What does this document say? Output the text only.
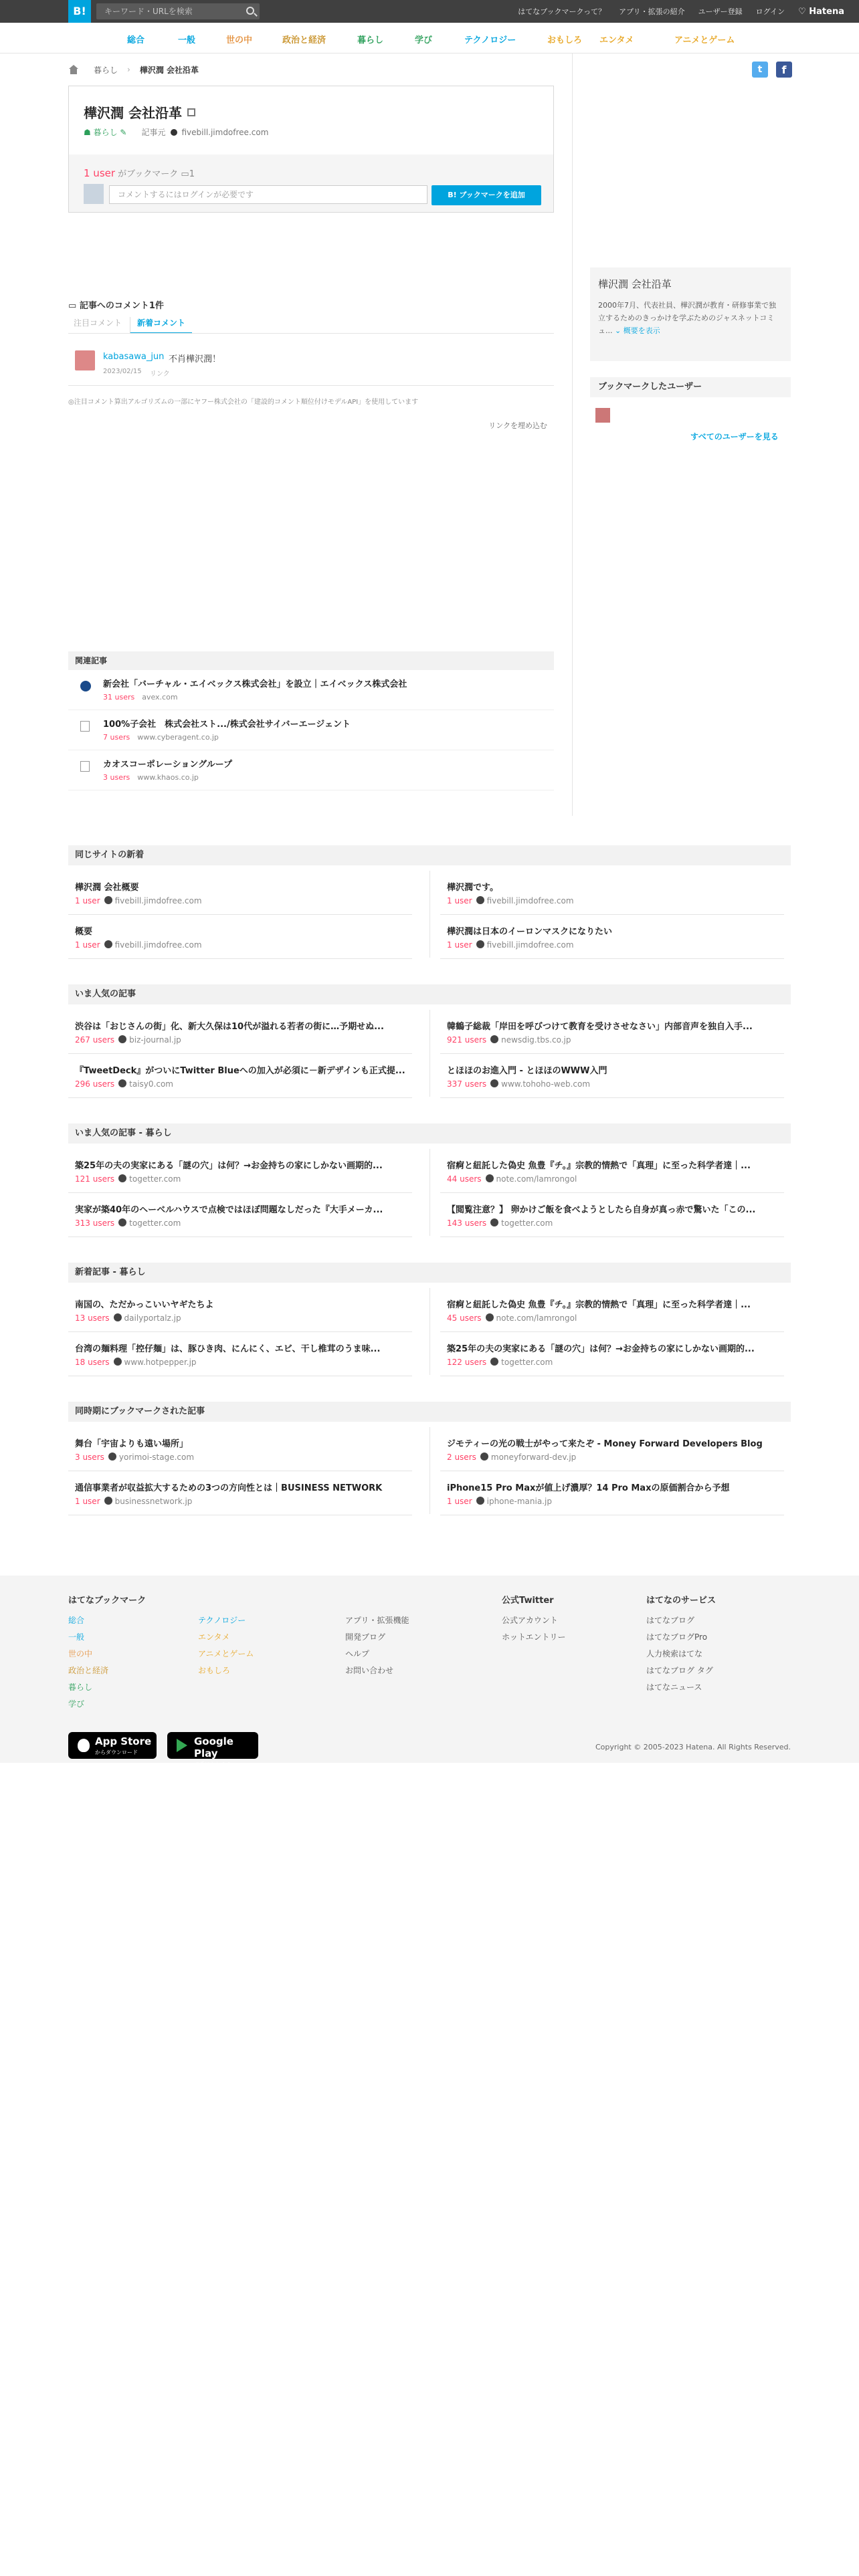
B!	キーワード・URLを検索	はてなブックマークって？ アプリ・拡張の紹介 ユーザー登録 ログイン ♡ Hatena
総合	一般	世の中	政治と経済	暮らし	学び	テクノロジー	おもしろ エンタメ	アニメとゲーム
暮らし › 樺沢潤 会社沿革	t	f
樺沢潤 会社沿革
☗ 暮らし ✎ 記事元 fivebill.jimdofree.com
1 user がブックマーク ▭1
コメントするにはログインが必要です	B! ブックマークを追加
▭ 記事へのコメント1件
注目コメント	新着コメント
kabasawa_jun 不肖樺沢潤！
2023/02/15 リンク
◎注目コメント算出アルゴリズムの一部にヤフー株式会社の「建設的コメント順位付けモデルAPI」を使用しています
リンクを埋め込む
関連記事
新会社「バーチャル・エイベックス株式会社」を設立｜エイベックス株式会社
31 users　 avex.com
100%子会社　株式会社スト.../株式会社サイバーエージェント
7 users　 www.cyberagent.co.jp
カオスコーポレーショングループ
3 users　 www.khaos.co.jp
樺沢潤 会社沿革
2000年7月、代表社員、樺沢潤が教育・研修事業で独立するためのきっかけを学ぶためのジャスネットコミュ... ⌄ 概要を表示
ブックマークしたユーザー
すべてのユーザーを見る
同じサイトの新着
樺沢潤 会社概要
1 user fivebill.jimdofree.com
樺沢潤です。
1 user fivebill.jimdofree.com
概要
1 user fivebill.jimdofree.com
樺沢潤は日本のイーロンマスクになりたい
1 user fivebill.jimdofree.com
いま人気の記事
渋谷は「おじさんの街」化、新大久保は10代が溢れる若者の街に…予期せぬ...
267 users biz-journal.jp
韓鶴子総裁「岸田を呼びつけて教育を受けさせなさい」内部音声を独自入手...
921 users newsdig.tbs.co.jp
『TweetDeck』がついにTwitter Blueへの加入が必須に－新デザインも正式提...
296 users taisy0.com
とほほのお進入門 - とほほのWWW入門
337 users www.tohoho-web.com
いま人気の記事 - 暮らし
築25年の夫の実家にある「謎の穴」は何？→お金持ちの家にしかない画期的...
121 users togetter.com
宿痾と紐託した偽史 魚豊『チ。』宗教的情熱で「真理」に至った科学者達｜...
44 users note.com/lamrongol
実家が築40年のヘーベルハウスで点検ではほぼ問題なしだった『大手メーカ...
313 users togetter.com
【閲覧注意？】 卵かけご飯を食べようとしたら自身が真っ赤で驚いた「この...
143 users togetter.com
新着記事 - 暮らし
南国の、ただかっこいいヤギたちよ
13 users dailyportalz.jp
宿痾と紐託した偽史 魚豊『チ。』宗教的情熱で「真理」に至った科学者達｜...
45 users note.com/lamrongol
台湾の麺料理「控仔麺」は、豚ひき肉、にんにく、エビ、干し椎茸のうま味...
18 users www.hotpepper.jp
築25年の夫の実家にある「謎の穴」は何？→お金持ちの家にしかない画期的...
122 users togetter.com
同時期にブックマークされた記事
舞台「宇宙よりも遠い場所」
3 users yorimoi-stage.com
ジモティーの光の戦士がやって来たぞ - Money Forward Developers Blog
2 users moneyforward-dev.jp
通信事業者が収益拡大するための3つの方向性とは｜BUSINESS NETWORK
1 user businessnetwork.jp
iPhone15 Pro Maxが値上げ濃厚？14 Pro Maxの原価割合から予想
1 user iphone-mania.jp
はてなブックマーク
総合
一般
世の中
政治と経済
暮らし
学び
テクノロジー
エンタメ
アニメとゲーム
おもしろ
アプリ・拡張機能
開発ブログ
ヘルプ
お問い合わせ
公式Twitter
公式アカウント
ホットエントリー
はてなのサービス
はてなブログ
はてなブログPro
人力検索はてな
はてなブログ タグ
はてなニュース
App Store
からダウンロード
Google Play
で手に入れよう
Copyright © 2005-2023 Hatena. All Rights Reserved.
